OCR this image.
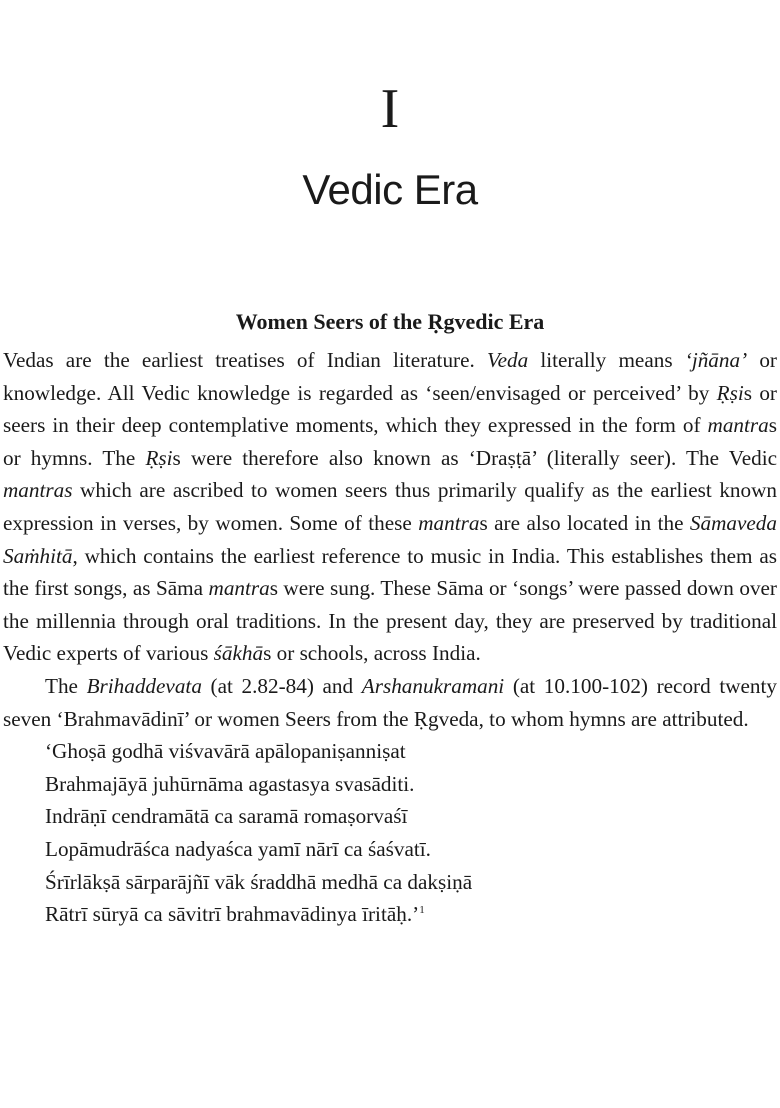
I
Vedic Era
Women Seers of the Ṛgvedic Era

Vedas are the earliest treatises of Indian literature. Veda literally means ‘jñāna’ or knowledge. All Vedic knowledge is regarded as ‘seen/envisaged or perceived’ by Ṛṣis or seers in their deep contemplative moments, which they expressed in the form of mantras or hymns. The Ṛṣis were therefore also known as ‘Draṣṭā’ (literally seer). The Vedic mantras which are ascribed to women seers thus primarily qualify as the earliest known expression in verses, by women. Some of these mantras are also located in the Sāmaveda Saṁhitā, which contains the earliest reference to music in India. This establishes them as the first songs, as Sāma mantras were sung. These Sāma or ‘songs’ were passed down over the millennia through oral traditions. In the present day, they are preserved by traditional Vedic experts of various śākhās or schools, across India.

The Brihaddevata (at 2.82-84) and Arshanukramani (at 10.100-102) record twenty seven ‘Brahmavādinī’ or women Seers from the Ṛgveda, to whom hymns are attributed.

‘Ghoṣā godhā viśvavārā apālopaniṣanniṣat
Brahmajāyā juhūrnāma agastasya svasāditi.
Indrāṇī cendramātā ca saramā romaṣorvaśī
Lopāmudrāśca nadyaśca yamī nārī ca śaśvatī.
Śrīrlākṣā sārparājñī vāk śraddhā medhā ca dakṣiṇā
Rātrī sūryā ca sāvitrī brahmavādinya īritāḥ.’$^1$
